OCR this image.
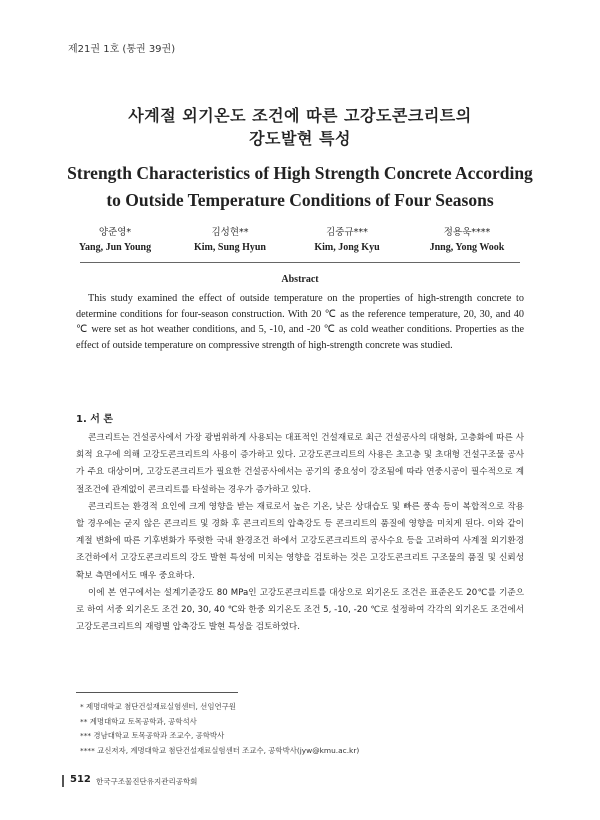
제21권 1호 (통권 39권)
사계절 외기온도 조건에 따른 고강도콘크리트의
강도발현 특성
Strength Characteristics of High Strength Concrete According
to Outside Temperature Conditions of Four Seasons
양준영*
Yang, Jun Young
김성현**
Kim, Sung Hyun
김중규***
Kim, Jong Kyu
정용욱****
Jnng, Yong Wook
Abstract
This study examined the effect of outside temperature on the properties of high-strength concrete to determine conditions for four-season construction. With 20 ℃ as the reference temperature, 20, 30, and 40 ℃ were set as hot weather conditions, and 5, -10, and -20 ℃ as cold weather conditions. Properties as the effect of outside temperature on compressive strength of high-strength concrete was studied.
1. 서 론

콘크리트는 건설공사에서 가장 광범위하게 사용되는 대표적인 건설재료로 최근 건설공사의 대형화, 고층화에 따른 사회적 요구에 의해 고강도콘크리트의 사용이 증가하고 있다. 고강도콘크리트의 사용은 초고층 및 초대형 건설구조물 공사가 주요 대상이며, 고강도콘크리트가 필요한 건설공사에서는 공기의 중요성이 강조됨에 따라 연중시공이 필수적으로 계절조건에 관계없이 콘크리트를 타설하는 경우가 증가하고 있다.

콘크리트는 환경적 요인에 크게 영향을 받는 재료로서 높은 기온, 낮은 상대습도 및 빠른 풍속 등이 복합적으로 작용할 경우에는 굳지 않은 콘크리트 및 경화 후 콘크리트의 압축강도 등 콘크리트의 품질에 영향을 미치게 된다. 이와 같이 계절 변화에 따른 기후변화가 뚜렷한 국내 환경조건 하에서 고강도콘크리트의 공사수요 등을 고려하여 사계절 외기환경 조건하에서 고강도콘크리트의 강도 발현 특성에 미치는 영향을 검토하는 것은 고강도콘크리트 구조물의 품질 및 신뢰성 확보 측면에서도 매우 중요하다.

이에 본 연구에서는 설계기준강도 80 MPa인 고강도콘크리트를 대상으로 외기온도 조건은 표준온도 20℃를 기준으로 하여 서중 외기온도 조건 20, 30, 40 ℃와 한중 외기온도 조건 5, -10, -20 ℃로 설정하여 각각의 외기온도 조건에서 고강도콘크리트의 재령별 압축강도 발현 특성을 검토하였다.

* 제명대학교 첨단건설재료실험센터, 선임연구원
** 계명대학교 토목공학과, 공학석사
*** 경남대학교 토목공학과 조교수, 공학박사
**** 교신저자, 계명대학교 첨단건설재료실험센터 조교수, 공학박사(jyw@kmu.ac.kr)
512 한국구조물진단유지관리공학회
